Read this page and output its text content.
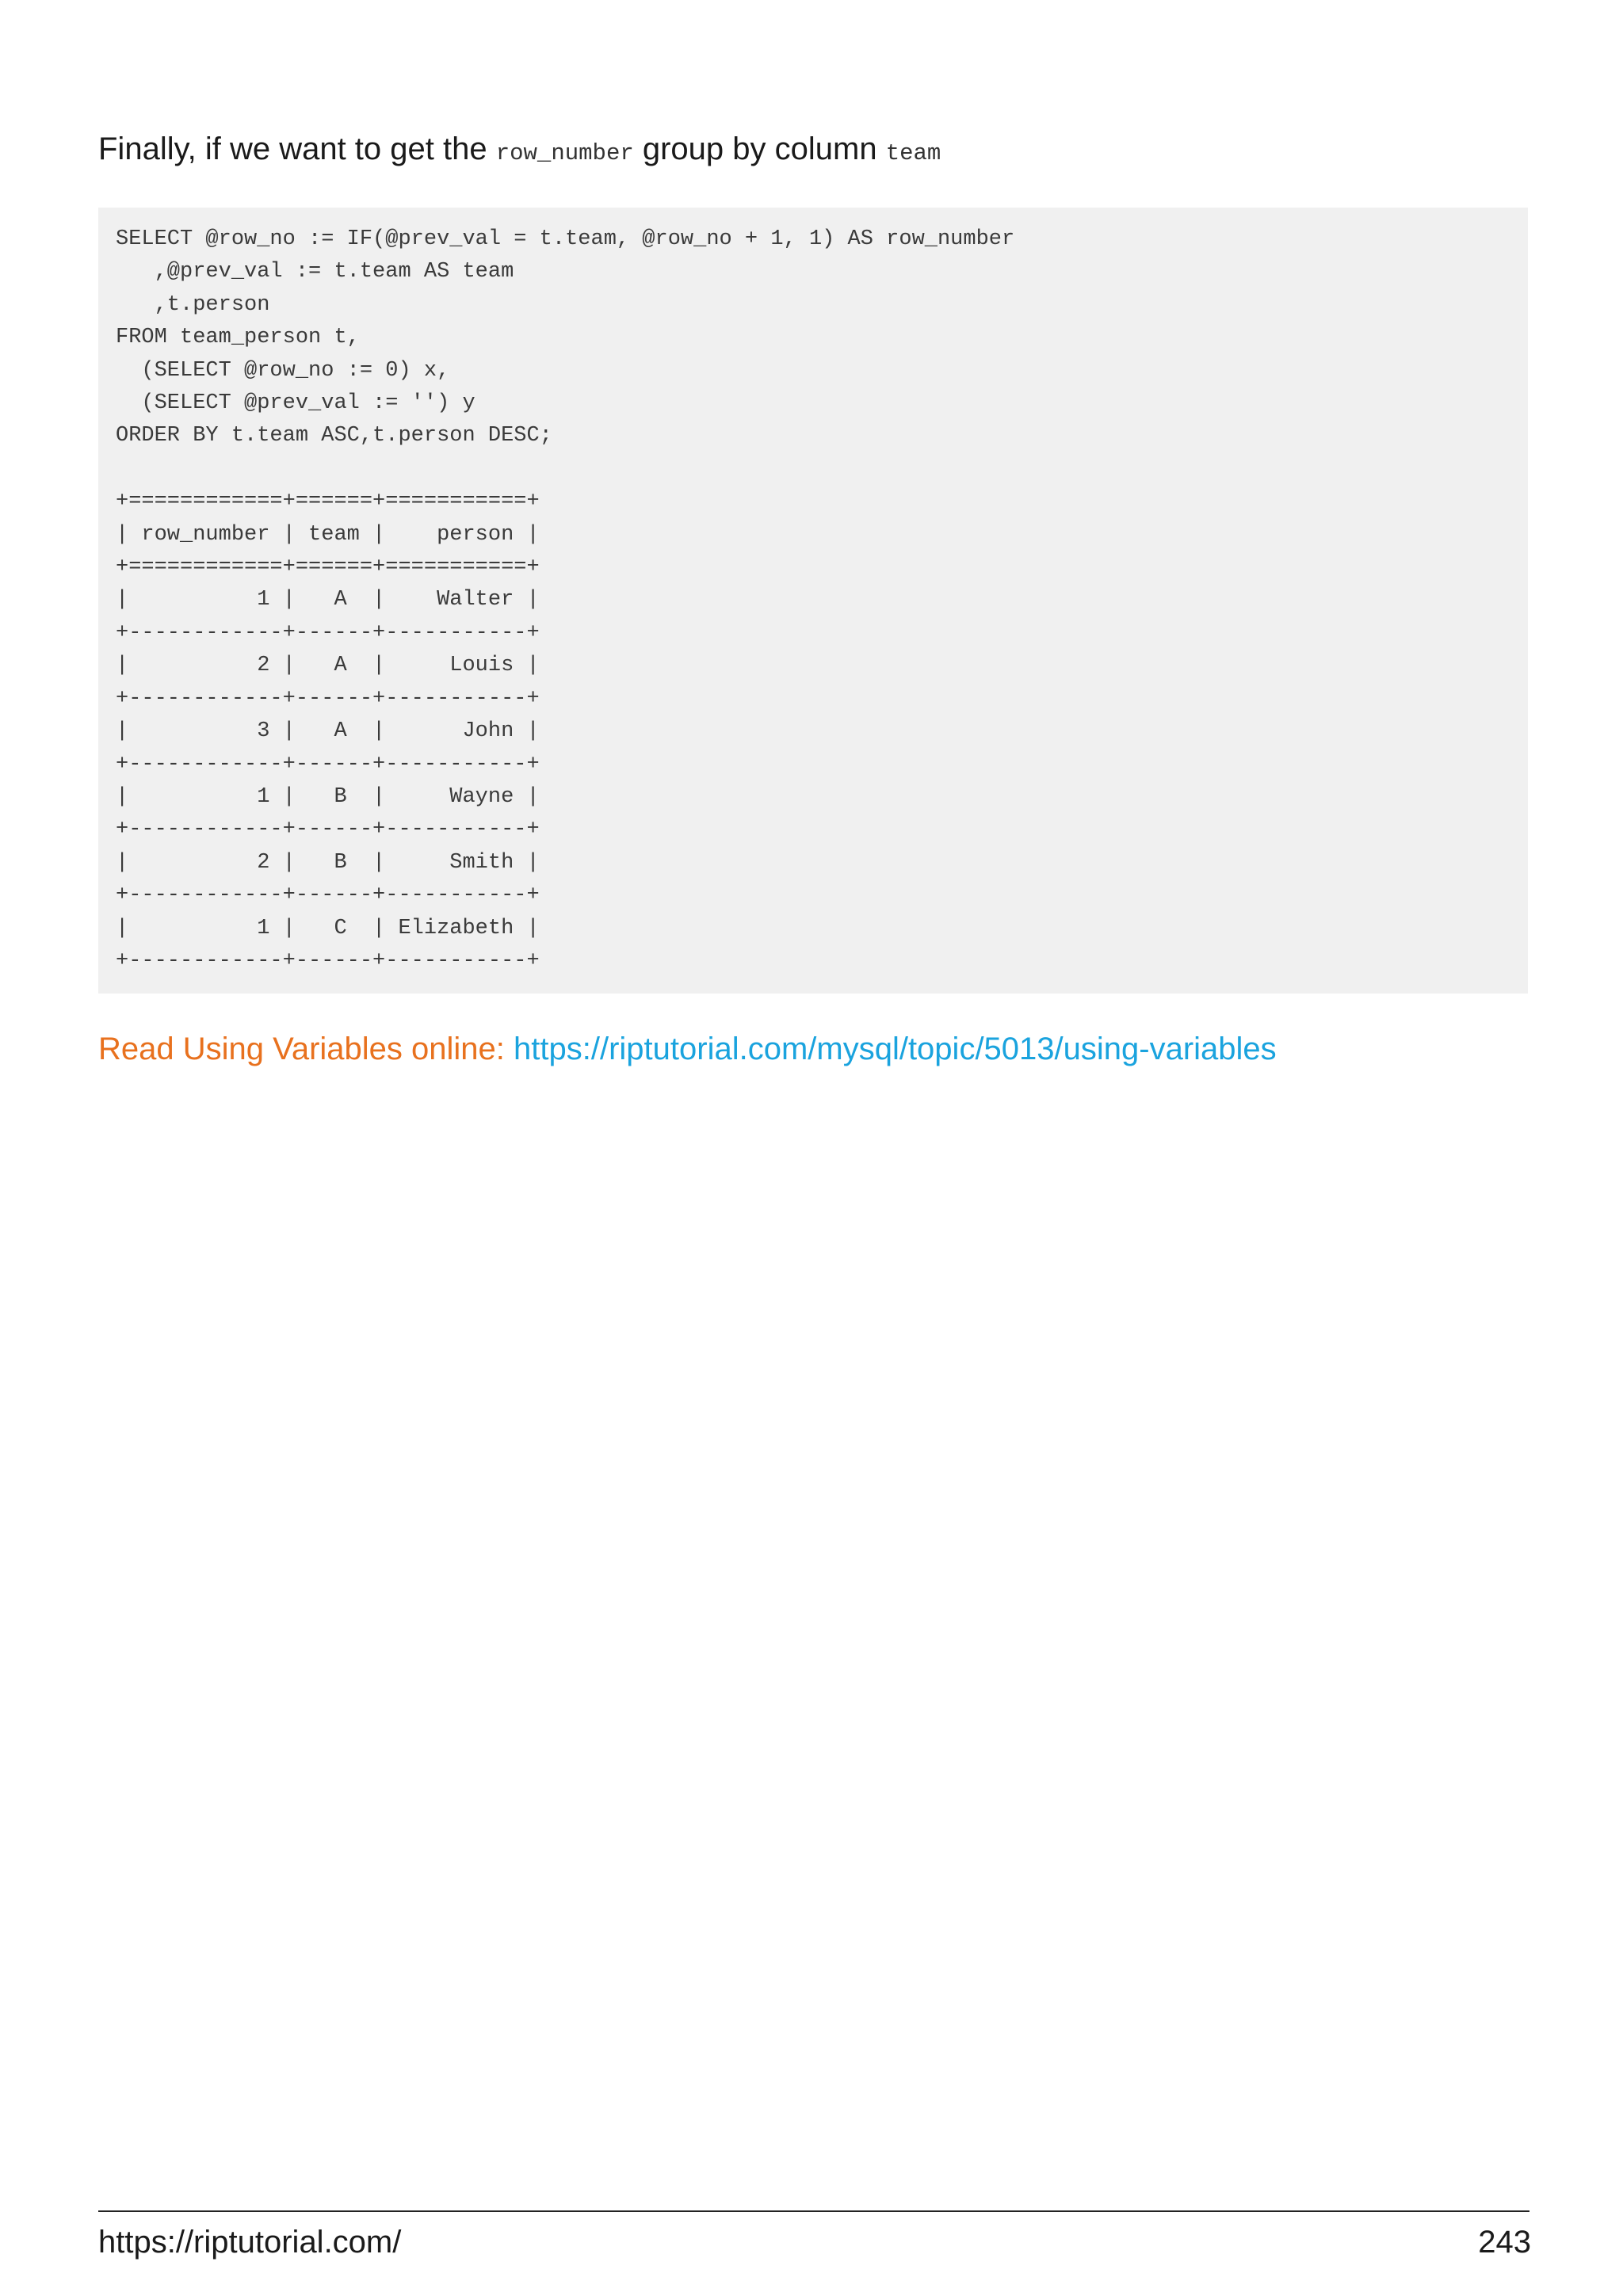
Finally, if we want to get the row_number group by column team

SELECT @row_no := IF(@prev_val = t.team, @row_no + 1, 1) AS row_number
,@prev_val := t.team AS team
,t.person
FROM team_person t,
(SELECT @row_no := 0) x,
(SELECT @prev_val := '') y
ORDER BY t.team ASC,t.person DESC;

+============+======+===========+
| row_number | team |    person |
+============+======+===========+
|          1 |   A  |    Walter |
+------------+------+-----------+
|          2 |   A  |     Louis |
+------------+------+-----------+
|          3 |   A  |      John |
+------------+------+-----------+
|          1 |   B  |     Wayne |
+------------+------+-----------+
|          2 |   B  |     Smith |
+------------+------+-----------+
|          1 |   C  | Elizabeth |
+------------+------+-----------+

Read Using Variables online: https://riptutorial.com/mysql/topic/5013/using-variables

https://riptutorial.com/	243
